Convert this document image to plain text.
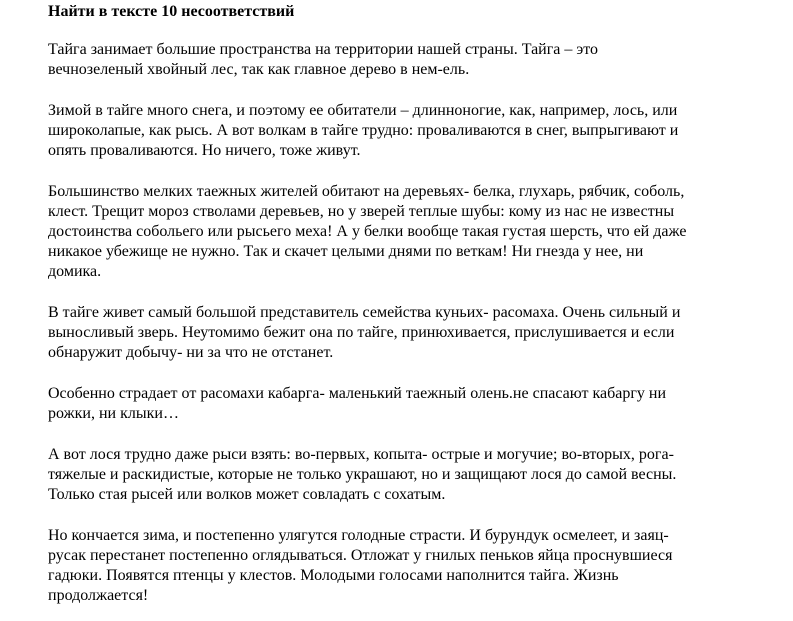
Найти в тексте 10 несоответствий

Тайга занимает большие пространства на территории нашей страны. Тайга – это
вечнозеленый хвойный лес, так как главное дерево в нем-ель.
Зимой в тайге много снега, и поэтому ее обитатели – длинноногие, как, например, лось, или
широколапые, как рысь. А вот волкам в тайге трудно: проваливаются в снег, выпрыгивают и
опять проваливаются. Но ничего, тоже живут.
Большинство мелких таежных жителей обитают на деревьях- белка, глухарь, рябчик, соболь,
клест. Трещит мороз стволами деревьев, но у зверей теплые шубы: кому из нас не известны
достоинства собольего или рысьего меха! А у белки вообще такая густая шерсть, что ей даже
никакое убежище не нужно. Так и скачет целыми днями по веткам! Ни гнезда у нее, ни
домика.
В тайге живет самый большой представитель семейства куньих- расомаха. Очень сильный и
выносливый зверь. Неутомимо бежит она по тайге, принюхивается, прислушивается и если
обнаружит добычу- ни за что не отстанет.
Особенно страдает от расомахи кабарга- маленький таежный олень.не спасают кабаргу ни
рожки, ни клыки…
А вот лося трудно даже рыси взять: во-первых, копыта- острые и могучие; во-вторых, рога-
тяжелые и раскидистые, которые не только украшают, но и защищают лося до самой весны.
Только стая рысей или волков может совладать с сохатым.
Но кончается зима, и постепенно улягутся голодные страсти. И бурундук осмелеет, и заяц-
русак перестанет постепенно оглядываться. Отложат у гнилых пеньков яйца проснувшиеся
гадюки. Появятся птенцы у клестов. Молодыми голосами наполнится тайга. Жизнь
продолжается!
